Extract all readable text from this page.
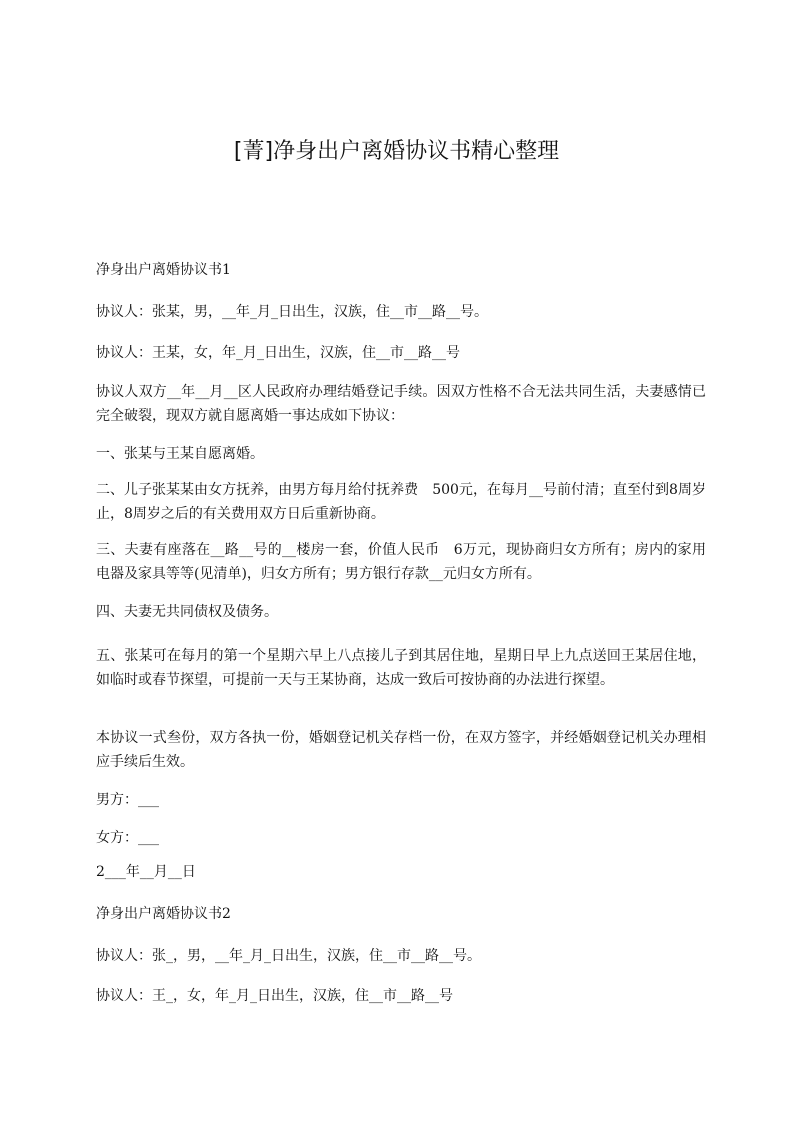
[菁]净身出户离婚协议书精心整理

净身出户离婚协议书1

协议人：张某，男，__年_月_日出生，汉族，住__市__路__号。

协议人：王某，女，年_月_日出生，汉族，住__市__路__号

协议人双方__年__月__区人民政府办理结婚登记手续。因双方性格不合无法共同生活，夫妻感情已完全破裂，现双方就自愿离婚一事达成如下协议：

一、张某与王某自愿离婚。

二、儿子张某某由女方抚养，由男方每月给付抚养费　500元，在每月__号前付清；直至付到8周岁止，8周岁之后的有关费用双方日后重新协商。

三、夫妻有座落在__路__号的__楼房一套，价值人民币　6万元，现协商归女方所有；房内的家用电器及家具等等(见清单)，归女方所有；男方银行存款__元归女方所有。

四、夫妻无共同债权及债务。

五、张某可在每月的第一个星期六早上八点接儿子到其居住地，星期日早上九点送回王某居住地，如临时或春节探望，可提前一天与王某协商，达成一致后可按协商的办法进行探望。

本协议一式叁份，双方各执一份，婚姻登记机关存档一份，在双方签字，并经婚姻登记机关办理相应手续后生效。

男方：___

女方：___

2___年__月__日

净身出户离婚协议书2

协议人：张_，男，__年_月_日出生，汉族，住__市__路__号。

协议人：王_，女，年_月_日出生，汉族，住__市__路__号
